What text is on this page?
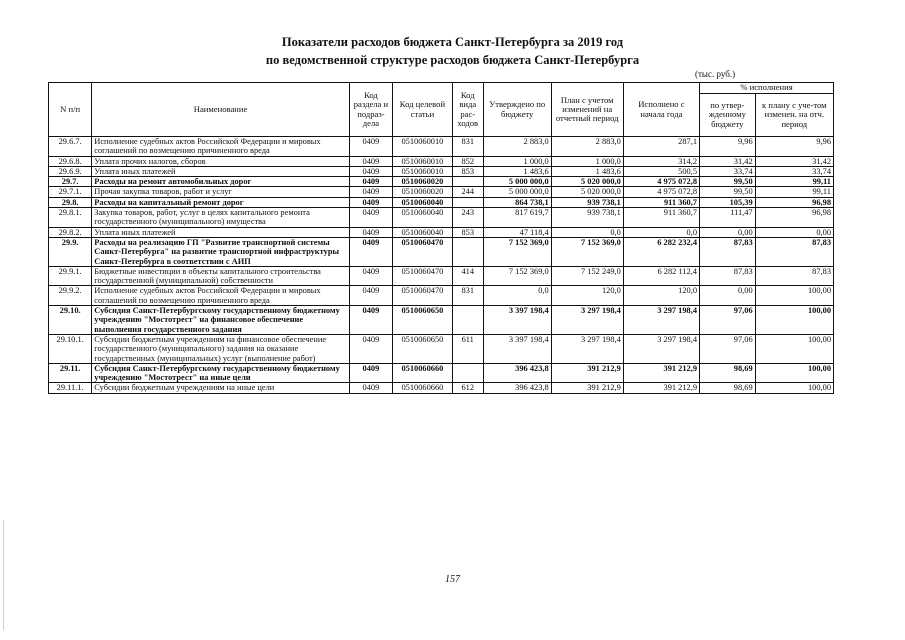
Показатели расходов бюджета Санкт-Петербурга за 2019 год
по ведомственной структуре расходов бюджета Санкт-Петербурга
(тыс. руб.)
N п/п	Наименование	Код раздела и подраз-дела	Код целевой статьи	Код вида рас-ходов	Утверждено по бюджету	План с учетом изменений на отчетный период	Исполнено с начала года	% исполнения	
								по утвер-жденному бюджету	к плану с уче-том изменен. на отч. период
29.6.7.	Исполнение судебных актов Российской Федерации и мировых соглашений по возмещению причиненного вреда	0409	0510060010	831	2 883,0	2 883,0	287,1	9,96	9,96
29.6.8.	Уплата прочих налогов, сборов	0409	0510060010	852	1 000,0	1 000,0	314,2	31,42	31,42
29.6.9.	Уплата иных платежей	0409	0510060010	853	1 483,6	1 483,6	500,5	33,74	33,74
29.7.	Расходы на ремонт автомобильных дорог	0409	0510060020		5 000 000,0	5 020 000,0	4 975 072,8	99,50	99,11
29.7.1.	Прочая закупка товаров, работ и услуг	0409	0510060020	244	5 000 000,0	5 020 000,0	4 975 072,8	99,50	99,11
29.8.	Расходы на капитальный ремонт дорог	0409	0510060040		864 738,1	939 738,1	911 360,7	105,39	96,98
29.8.1.	Закупка товаров, работ, услуг в целях капитального ремонта государственного (муниципального) имущества	0409	0510060040	243	817 619,7	939 738,1	911 360,7	111,47	96,98
29.8.2.	Уплата иных платежей	0409	0510060040	853	47 118,4	0,0	0,0	0,00	0,00
29.9.	Расходы на реализацию ГП "Развитие транспортной системы Санкт-Петербурга" на развитие транспортной инфраструктуры Санкт-Петербурга в соответствии с АИП	0409	0510060470		7 152 369,0	7 152 369,0	6 282 232,4	87,83	87,83
29.9.1.	Бюджетные инвестиции в объекты капитального строительства государственной (муниципальной) собственности	0409	0510060470	414	7 152 369,0	7 152 249,0	6 282 112,4	87,83	87,83
29.9.2.	Исполнение судебных актов Российской Федерации и мировых соглашений по возмещению причиненного вреда	0409	0510060470	831	0,0	120,0	120,0	0,00	100,00
29.10.	Субсидия Санкт-Петербургскому государственному бюджетному учреждению "Мостотрест" на финансовое обеспечение выполнения государственного задания	0409	0510060650		3 397 198,4	3 297 198,4	3 297 198,4	97,06	100,00
29.10.1.	Субсидии бюджетным учреждениям на финансовое обеспечение государственного (муниципального) задания на оказание государственных (муниципальных) услуг (выполнение работ)	0409	0510060650	611	3 397 198,4	3 297 198,4	3 297 198,4	97,06	100,00
29.11.	Субсидия Санкт-Петербургскому государственному бюджетному учреждению "Мостотрест" на иные цели	0409	0510060660		396 423,8	391 212,9	391 212,9	98,69	100,00
29.11.1.	Субсидии бюджетным учреждениям на иные цели	0409	0510060660	612	396 423,8	391 212,9	391 212,9	98,69	100,00
157
